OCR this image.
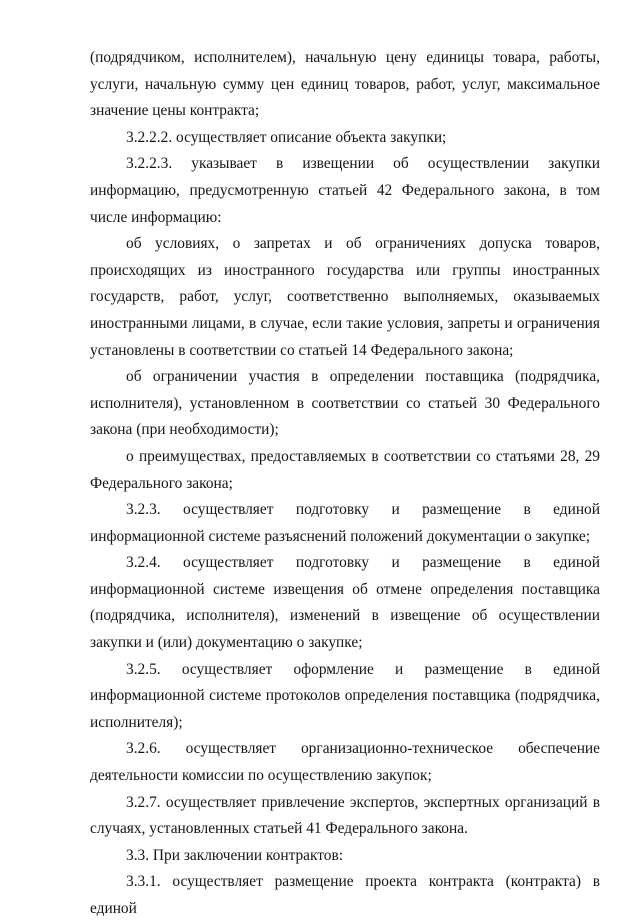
(подрядчиком, исполнителем), начальную цену единицы товара, работы, услуги, начальную сумму цен единиц товаров, работ, услуг, максимальное значение цены контракта;

3.2.2.2. осуществляет описание объекта закупки;

3.2.2.3. указывает в извещении об осуществлении закупки информацию, предусмотренную статьей 42 Федерального закона, в том числе информацию:

об условиях, о запретах и об ограничениях допуска товаров, происходящих из иностранного государства или группы иностранных государств, работ, услуг, соответственно выполняемых, оказываемых иностранными лицами, в случае, если такие условия, запреты и ограничения установлены в соответствии со статьей 14 Федерального закона;

об ограничении участия в определении поставщика (подрядчика, исполнителя), установленном в соответствии со статьей 30 Федерального закона (при необходимости);

о преимуществах, предоставляемых в соответствии со статьями 28, 29 Федерального закона;

3.2.3. осуществляет подготовку и размещение в единой информационной системе разъяснений положений документации о закупке;

3.2.4. осуществляет подготовку и размещение в единой информационной системе извещения об отмене определения поставщика (подрядчика, исполнителя), изменений в извещение об осуществлении закупки и (или) документацию о закупке;

3.2.5. осуществляет оформление и размещение в единой информационной системе протоколов определения поставщика (подрядчика, исполнителя);

3.2.6. осуществляет организационно-техническое обеспечение деятельности комиссии по осуществлению закупок;

3.2.7. осуществляет привлечение экспертов, экспертных организаций в случаях, установленных статьей 41 Федерального закона.

3.3. При заключении контрактов:

3.3.1. осуществляет размещение проекта контракта (контракта) в единой
